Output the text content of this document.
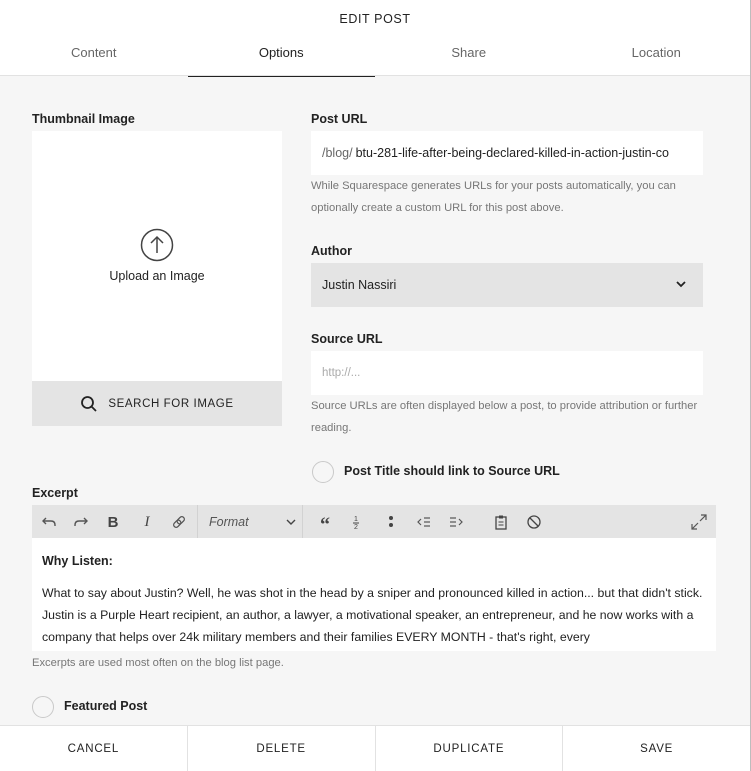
EDIT POST
Content	Options	Share	Location
Thumbnail Image
Upload an Image
SEARCH FOR IMAGE
Post URL
/blog/ btu-281-life-after-being-declared-killed-in-action-justin-co
While Squarespace generates URLs for your posts automatically, you can optionally create a custom URL for this post above.
Author
Justin Nassiri
Source URL
http://...
Source URLs are often displayed below a post, to provide attribution or further reading.
Post Title should link to Source URL
Excerpt
B	I	Format	“	1
2
Why Listen:

What to say about Justin? Well, he was shot in the head by a sniper and pronounced killed in action... but that didn't stick. Justin is a Purple Heart recipient, an author, a lawyer, a motivational speaker, an entrepreneur, and he now works with a company that helps over 24k military members and their families EVERY MONTH - that's right, every

Excerpts are used most often on the blog list page.
Featured Post
CANCEL	DELETE	DUPLICATE	SAVE
